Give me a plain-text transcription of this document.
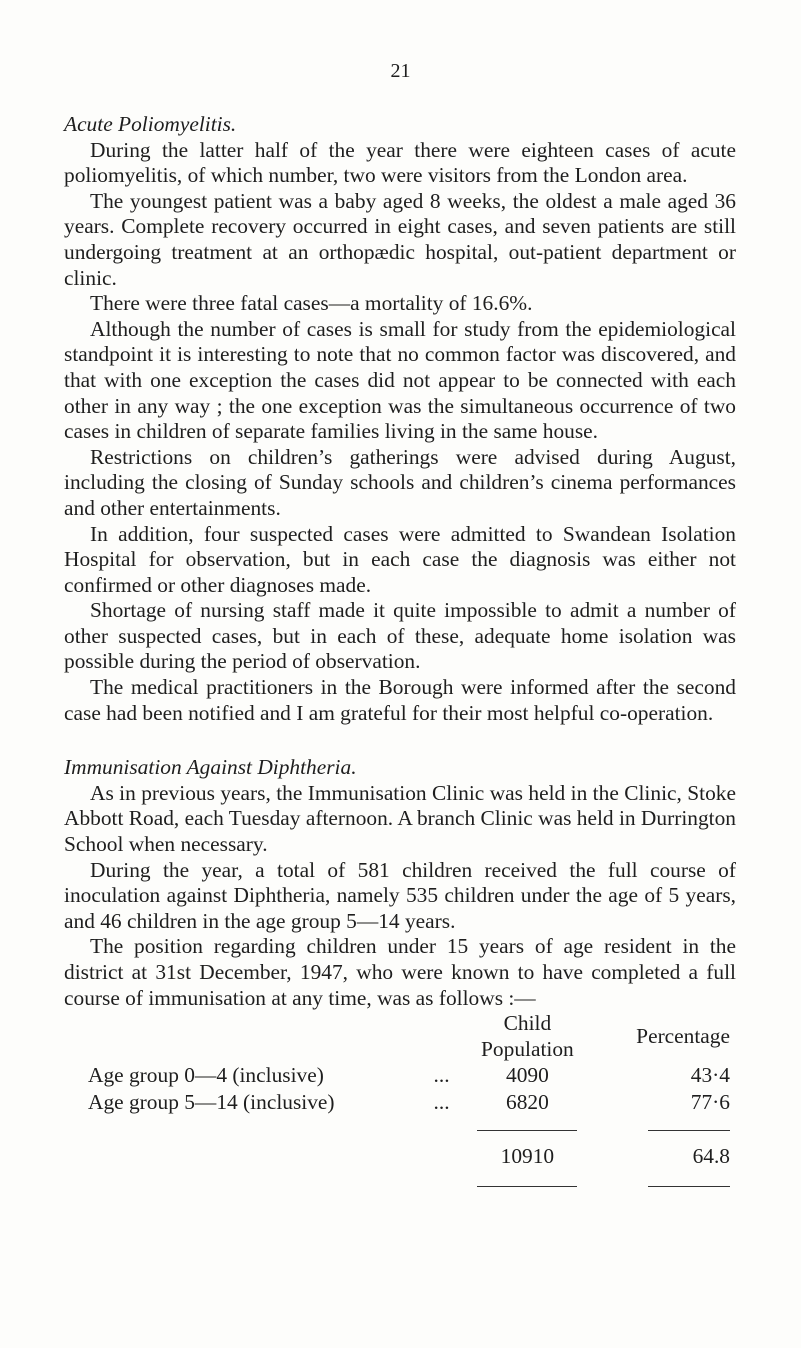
21

Acute Poliomyelitis.

During the latter half of the year there were eighteen cases of acute poliomyelitis, of which number, two were visitors from the London area.

The youngest patient was a baby aged 8 weeks, the oldest a male aged 36 years. Complete recovery occurred in eight cases, and seven patients are still undergoing treatment at an orthopædic hospital, out-patient department or clinic.

There were three fatal cases—a mortality of 16.6%.

Although the number of cases is small for study from the epidemiological standpoint it is interesting to note that no common factor was discovered, and that with one exception the cases did not appear to be connected with each other in any way ; the one exception was the simultaneous occurrence of two cases in children of separate families living in the same house.

Restrictions on children’s gatherings were advised during August, including the closing of Sunday schools and children’s cinema performances and other entertainments.

In addition, four suspected cases were admitted to Swandean Isolation Hospital for observation, but in each case the diagnosis was either not confirmed or other diagnoses made.

Shortage of nursing staff made it quite impossible to admit a number of other suspected cases, but in each of these, adequate home isolation was possible during the period of observation.

The medical practitioners in the Borough were informed after the second case had been notified and I am grateful for their most helpful co-operation.

Immunisation Against Diphtheria.

As in previous years, the Immunisation Clinic was held in the Clinic, Stoke Abbott Road, each Tuesday afternoon. A branch Clinic was held in Durrington School when necessary.

During the year, a total of 581 children received the full course of inoculation against Diphtheria, namely 535 children under the age of 5 years, and 46 children in the age group 5—14 years.

The position regarding children under 15 years of age resident in the district at 31st December, 1947, who were known to have completed a full course of immunisation at any time, was as follows :—

		Child Population	Percentage
Age group 0—4 (inclusive)	...	4090	43·4
Age group 5—14 (inclusive)	...	6820	77·6

		10910	64.8
